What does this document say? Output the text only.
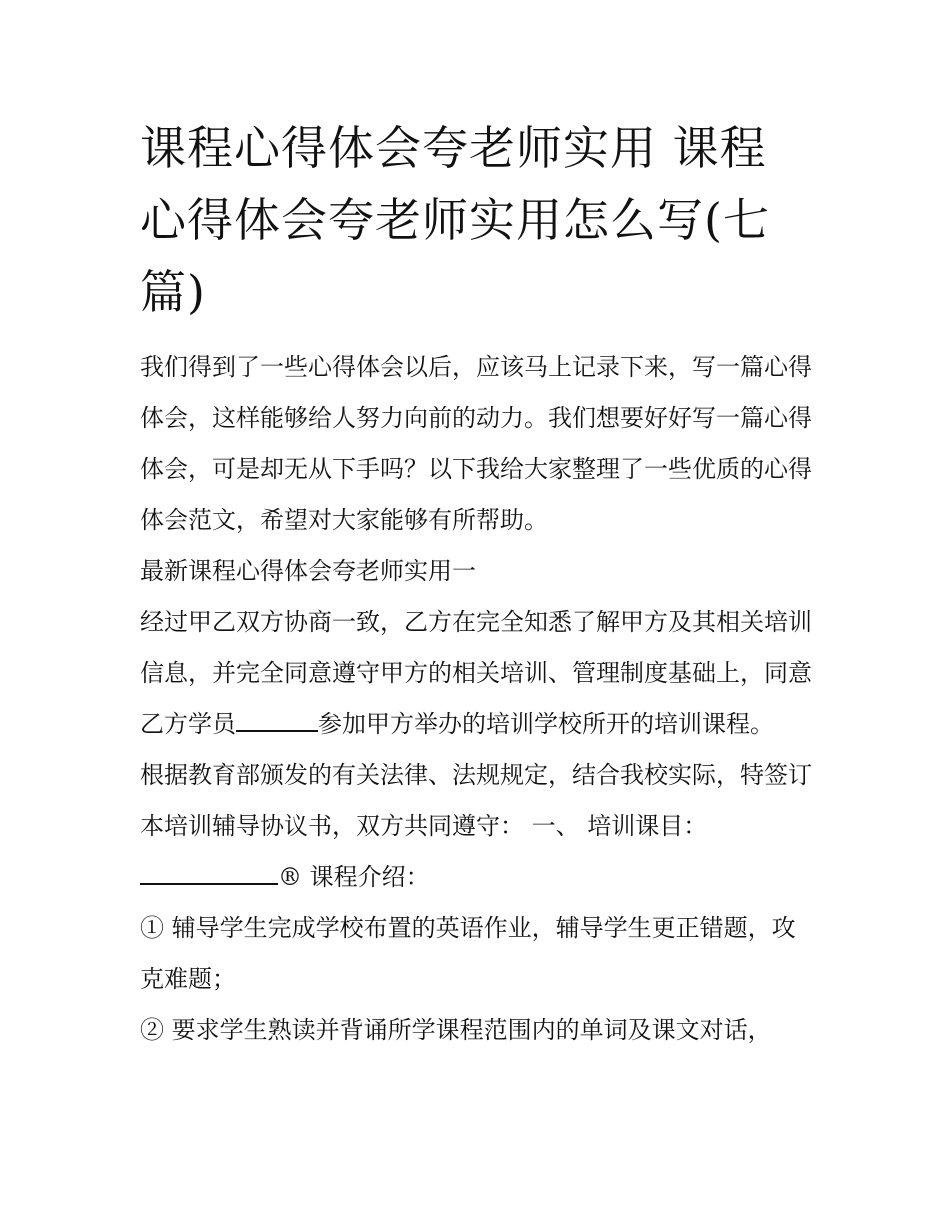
课程心得体会夸老师实用 课程心得体会夸老师实用怎么写(七篇)

我们得到了一些心得体会以后，应该马上记录下来，写一篇心得体会，这样能够给人努力向前的动力。我们想要好好写一篇心得体会，可是却无从下手吗？以下我给大家整理了一些优质的心得体会范文，希望对大家能够有所帮助。

最新课程心得体会夸老师实用一

经过甲乙双方协商一致，乙方在完全知悉了解甲方及其相关培训信息，并完全同意遵守甲方的相关培训、管理制度基础上，同意乙方学员	参加甲方举办的培训学校所开的培训课程。

根据教育部颁发的有关法律、法规规定，结合我校实际，特签订本培训辅导协议书，双方共同遵守： 一、 培训课目：

® 课程介绍：

① 辅导学生完成学校布置的英语作业，辅导学生更正错题，攻克难题；

② 要求学生熟读并背诵所学课程范围内的单词及课文对话，
